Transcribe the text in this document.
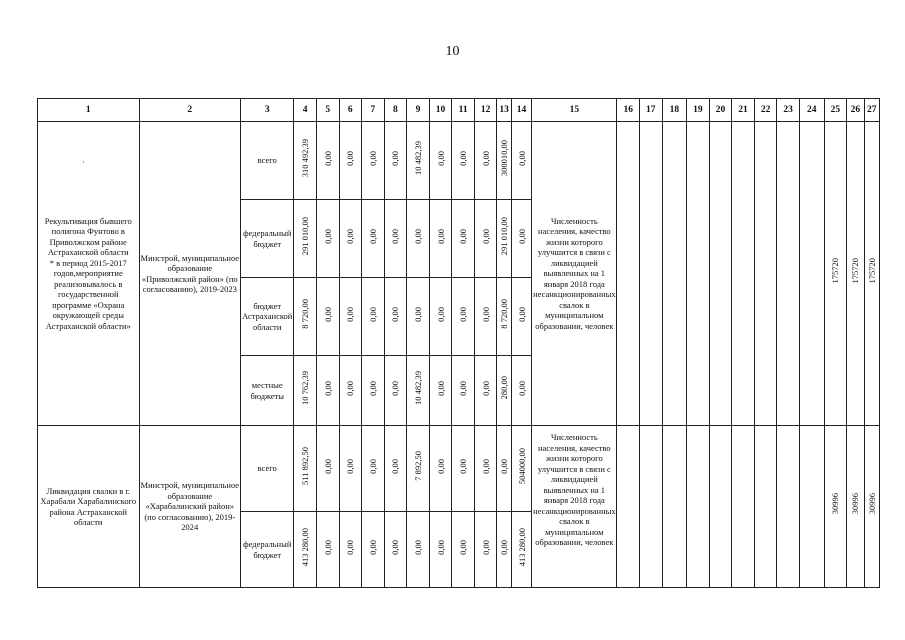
10
·
1	2	3	4	5	6	7	8	9	10	11	12	13	14	15	16	17	18	19	20	21	22	23	24	25	26	27
Рекультивация бывшего полигона Фунтово в Приволжском районе Астраханской области
* в период 2015-2017 годов,мероприятие реализовывалось в государственной программе «Охрана окружающей среды Астраханской области»	Минстрой, муниципальное образование «Приволжский район» (по согласованию), 2019-2023	всего	310 492,39	0,00	0,00	0,00	0,00	10 482,39	0,00	0,00	0,00	300010,00	0,00	Численность населения, качество жизни которого улучшится в связи с ликвидацией выявленных на 1 января 2018 года несанкционированных свалок в муниципальном образовании, человек										175720	175720	175720
		федеральный бюджет	291 010,00	0,00	0,00	0,00	0,00	0,00	0,00	0,00	0,00	291 010,00	0,00													
		бюджет Астраханской области	8 720,00	0,00	0,00	0,00	0,00	0,00	0,00	0,00	0,00	8 720,00	0,00													
		местные бюджеты	10 762,39	0,00	0,00	0,00	0,00	10 482,39	0,00	0,00	0,00	280,00	0,00													
Ликвидация свалки в г. Харабали Харабалинского района Астраханской области	Минстрой, муниципальное образование «Харабалинский район» (по согласованию), 2019-2024	всего	511 892,50	0,00	0,00	0,00	0,00	7 892,50	0,00	0,00	0,00	0,00	504000,00	Численность населения, качество жизни которого улучшится в связи с ликвидацией выявленных на 1 января 2018 года несанкционированных свалок в муниципальном образовании, человек										30996	30996	30996
		федеральный бюджет	413 280,00	0,00	0,00	0,00	0,00	0,00	0,00	0,00	0,00	0,00	413 280,00													
